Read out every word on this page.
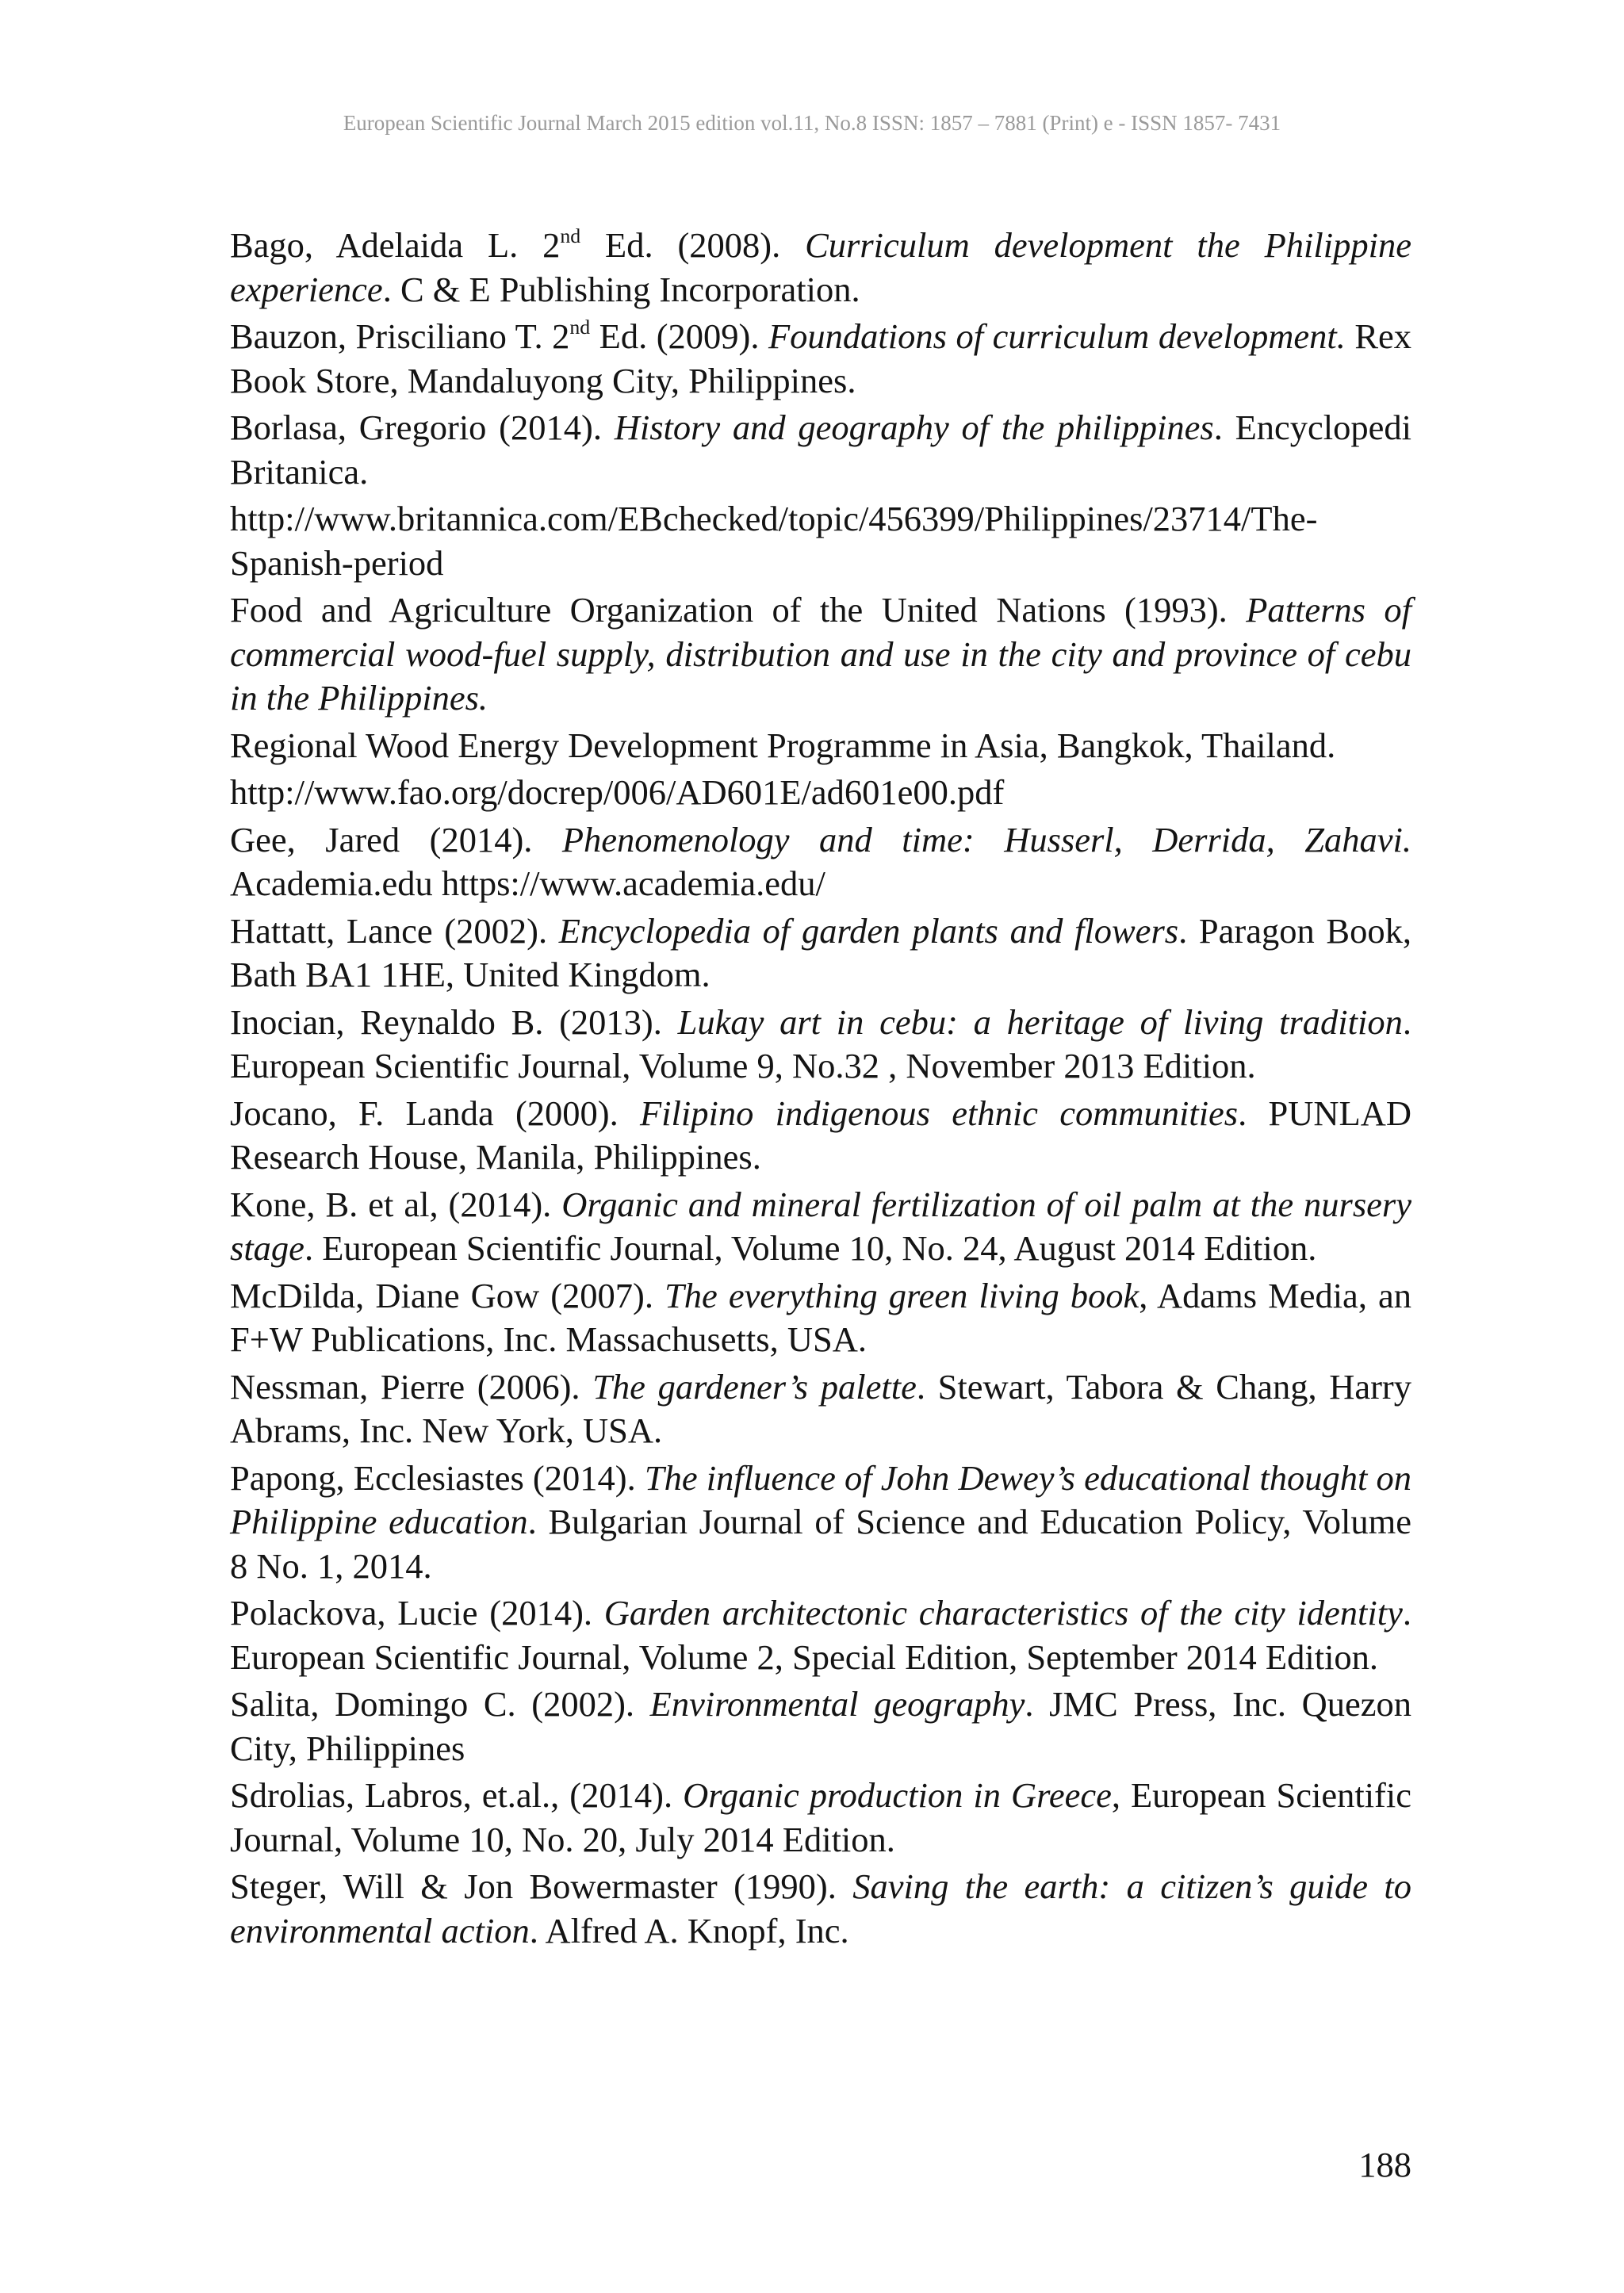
European Scientific Journal March 2015 edition vol.11, No.8 ISSN: 1857 – 7881 (Print) e - ISSN 1857- 7431

Bago, Adelaida L. 2nd Ed. (2008). Curriculum development the Philippine experience. C & E Publishing Incorporation.

Bauzon, Prisciliano T. 2nd Ed. (2009). Foundations of curriculum development. Rex Book Store, Mandaluyong City, Philippines.

Borlasa, Gregorio (2014). History and geography of the philippines. Encyclopedi Britanica.

http://www.britannica.com/EBchecked/topic/456399/Philippines/23714/The-Spanish-period

Food and Agriculture Organization of the United Nations (1993). Patterns of commercial wood-fuel supply, distribution and use in the city and province of cebu in the Philippines.

Regional Wood Energy Development Programme in Asia, Bangkok, Thailand.

http://www.fao.org/docrep/006/AD601E/ad601e00.pdf

Gee, Jared (2014). Phenomenology and time: Husserl, Derrida, Zahavi. Academia.edu https://www.academia.edu/

Hattatt, Lance (2002). Encyclopedia of garden plants and flowers. Paragon Book, Bath BA1 1HE, United Kingdom.

Inocian, Reynaldo B. (2013). Lukay art in cebu: a heritage of living tradition. European Scientific Journal, Volume 9, No.32 , November 2013 Edition.

Jocano, F. Landa (2000). Filipino indigenous ethnic communities. PUNLAD Research House, Manila, Philippines.

Kone, B. et al, (2014). Organic and mineral fertilization of oil palm at the nursery stage. European Scientific Journal, Volume 10, No. 24, August 2014 Edition.

McDilda, Diane Gow (2007). The everything green living book, Adams Media, an F+W Publications, Inc. Massachusetts, USA.

Nessman, Pierre (2006). The gardener’s palette. Stewart, Tabora & Chang, Harry Abrams, Inc. New York, USA.

Papong, Ecclesiastes (2014). The influence of John Dewey’s educational thought on Philippine education. Bulgarian Journal of Science and Education Policy, Volume 8 No. 1, 2014.

Polackova, Lucie (2014). Garden architectonic characteristics of the city identity. European Scientific Journal, Volume 2, Special Edition, September 2014 Edition.

Salita, Domingo C. (2002). Environmental geography. JMC Press, Inc. Quezon City, Philippines

Sdrolias, Labros, et.al., (2014). Organic production in Greece, European Scientific Journal, Volume 10, No. 20, July 2014 Edition.

Steger, Will & Jon Bowermaster (1990). Saving the earth: a citizen’s guide to environmental action. Alfred A. Knopf, Inc.

188
